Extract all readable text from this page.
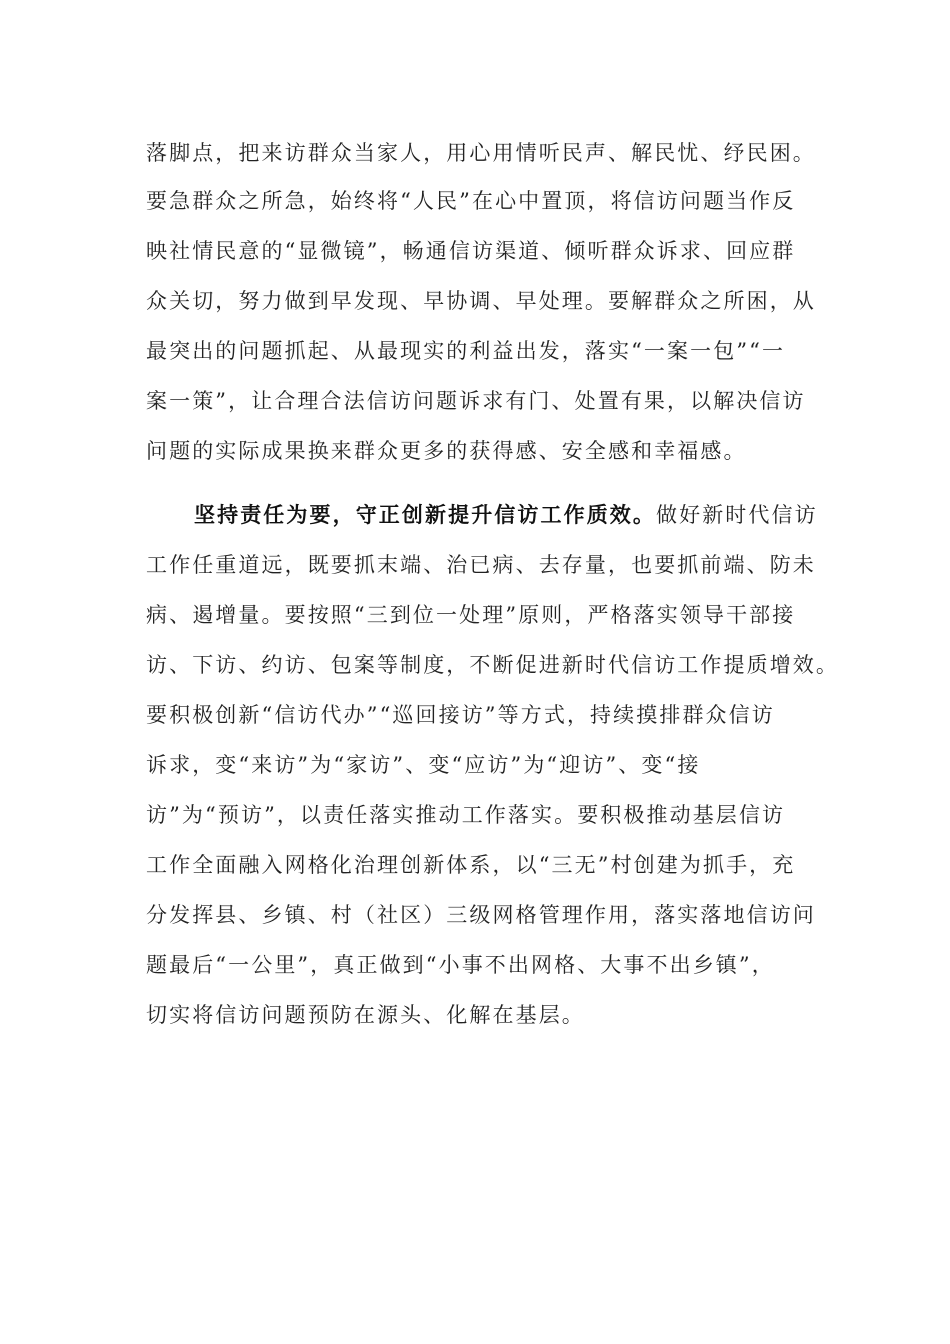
落脚点，把来访群众当家人，用心用情听民声、解民忧、纾民困。
要急群众之所急，始终将“人民”在心中置顶，将信访问题当作反
映社情民意的“显微镜”，畅通信访渠道、倾听群众诉求、回应群
众关切，努力做到早发现、早协调、早处理。要解群众之所困，从
最突出的问题抓起、从最现实的利益出发，落实“一案一包”“一
案一策”，让合理合法信访问题诉求有门、处置有果，以解决信访
问题的实际成果换来群众更多的获得感、安全感和幸福感。
坚持责任为要，守正创新提升信访工作质效。做好新时代信访
工作任重道远，既要抓末端、治已病、去存量，也要抓前端、防未
病、遏增量。要按照“三到位一处理”原则，严格落实领导干部接
访、下访、约访、包案等制度，不断促进新时代信访工作提质增效。
要积极创新“信访代办”“巡回接访”等方式，持续摸排群众信访
诉求，变“来访”为“家访”、变“应访”为“迎访”、变“接
访”为“预访”，以责任落实推动工作落实。要积极推动基层信访
工作全面融入网格化治理创新体系，以“三无”村创建为抓手，充
分发挥县、乡镇、村（社区）三级网格管理作用，落实落地信访问
题最后“一公里”，真正做到“小事不出网格、大事不出乡镇”，
切实将信访问题预防在源头、化解在基层。
